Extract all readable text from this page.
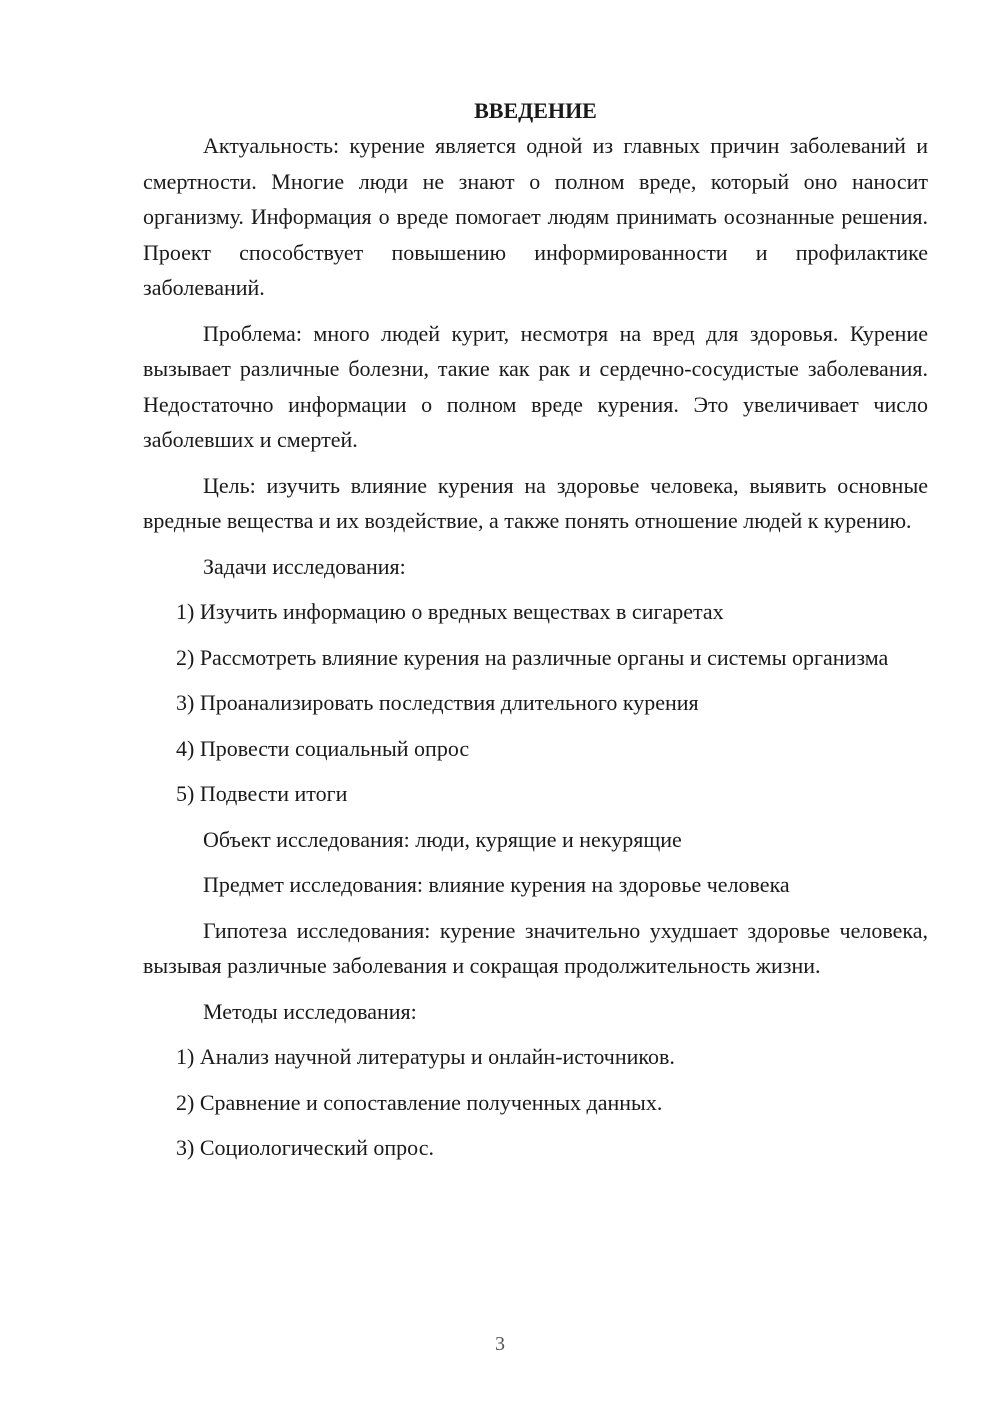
ВВЕДЕНИЕ
Актуальность: курение является одной из главных причин заболеваний и смертности. Многие люди не знают о полном вреде, который оно наносит организму. Информация о вреде помогает людям принимать осознанные решения. Проект способствует повышению информированности и профилактике заболеваний.
Проблема: много людей курит, несмотря на вред для здоровья. Курение вызывает различные болезни, такие как рак и сердечно-сосудистые заболевания. Недостаточно информации о полном вреде курения. Это увеличивает число заболевших и смертей.
Цель: изучить влияние курения на здоровье человека, выявить основные вредные вещества и их воздействие, а также понять отношение людей к курению.
Задачи исследования:
1) Изучить информацию о вредных веществах в сигаретах
2) Рассмотреть влияние курения на различные органы и системы организма
3) Проанализировать последствия длительного курения
4) Провести социальный опрос
5) Подвести итоги
Объект исследования: люди, курящие и некурящие
Предмет исследования: влияние курения на здоровье человека
Гипотеза исследования: курение значительно ухудшает здоровье человека, вызывая различные заболевания и сокращая продолжительность жизни.
Методы исследования:
1) Анализ научной литературы и онлайн-источников.
2) Сравнение и сопоставление полученных данных.
3) Социологический опрос.
3
